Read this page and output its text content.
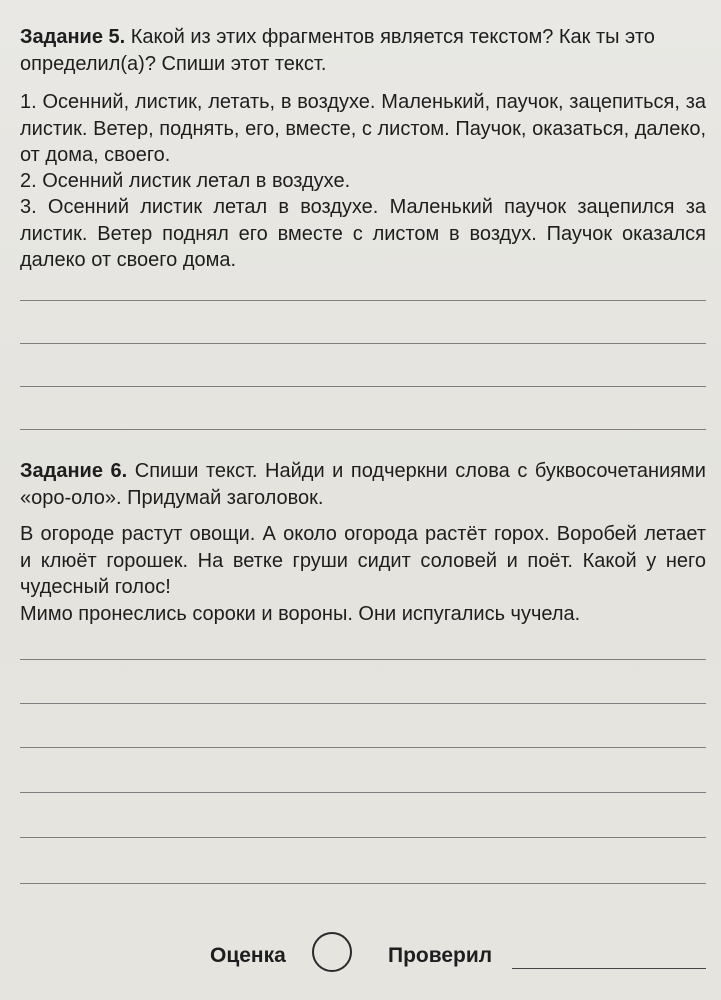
Задание 5. Какой из этих фрагментов является текстом? Как ты это определил(а)? Спиши этот текст.

1. Осенний, листик, летать, в воздухе. Маленький, паучок, зацепиться, за листик. Ветер, поднять, его, вместе, с листом. Паучок, оказаться, далеко, от дома, своего.

2. Осенний листик летал в воздухе.

3. Осенний листик летал в воздухе. Маленький паучок зацепился за листик. Ветер поднял его вместе с листом в воздух. Паучок оказался далеко от своего дома.

Задание 6. Спиши текст. Найди и подчеркни слова с буквосочетаниями «оро-оло». Придумай заголовок.

В огороде растут овощи. А около огорода растёт горох. Воробей летает и клюёт горошек. На ветке груши сидит соловей и поёт. Какой у него чудесный голос!

Мимо пронеслись сороки и вороны. Они испугались чучела.

Оценка	Проверил
